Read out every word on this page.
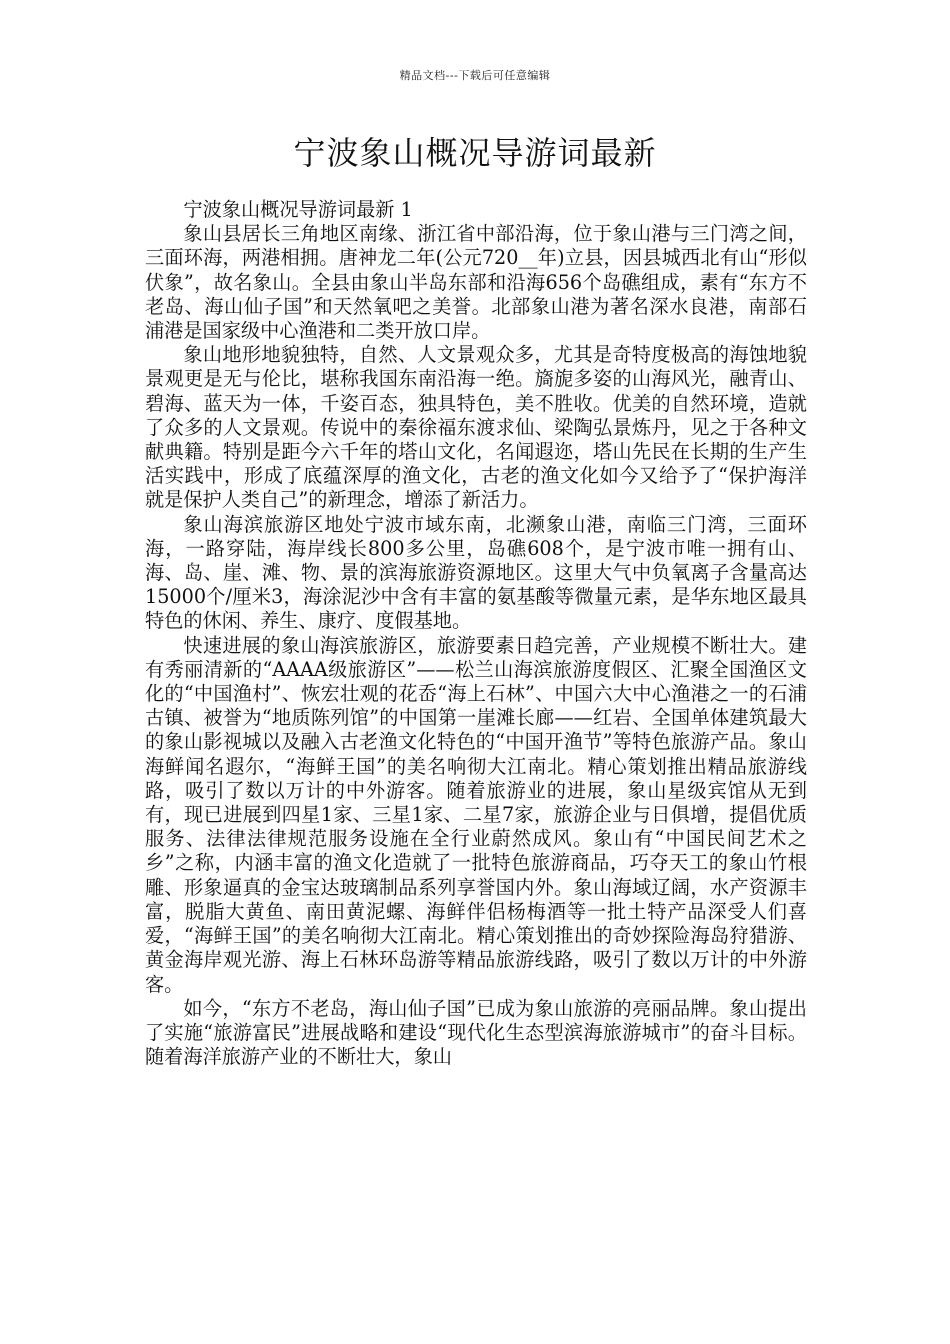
精品文档---下载后可任意编辑
宁波象山概况导游词最新

宁波象山概况导游词最新 1

象山县居长三角地区南缘、浙江省中部沿海，位于象山港与三门湾之间，三面环海，两港相拥。唐神龙二年(公元720__年)立县，因县城西北有山“形似伏象”，故名象山。全县由象山半岛东部和沿海656个岛礁组成，素有“东方不老岛、海山仙子国”和天然氧吧之美誉。北部象山港为著名深水良港，南部石浦港是国家级中心渔港和二类开放口岸。

象山地形地貌独特，自然、人文景观众多，尤其是奇特度极高的海蚀地貌景观更是无与伦比，堪称我国东南沿海一绝。旖旎多姿的山海风光，融青山、碧海、蓝天为一体，千姿百态，独具特色，美不胜收。优美的自然环境，造就了众多的人文景观。传说中的秦徐福东渡求仙、梁陶弘景炼丹，见之于各种文献典籍。特别是距今六千年的塔山文化，名闻遐迩，塔山先民在长期的生产生活实践中，形成了底蕴深厚的渔文化，古老的渔文化如今又给予了“保护海洋就是保护人类自己”的新理念，增添了新活力。

象山海滨旅游区地处宁波市域东南，北濒象山港，南临三门湾，三面环海，一路穿陆，海岸线长800多公里，岛礁608个，是宁波市唯一拥有山、海、岛、崖、滩、物、景的滨海旅游资源地区。这里大气中负氧离子含量高达15000个/厘米3，海涂泥沙中含有丰富的氨基酸等微量元素，是华东地区最具特色的休闲、养生、康疗、度假基地。

快速进展的象山海滨旅游区，旅游要素日趋完善，产业规模不断壮大。建有秀丽清新的“AAAA级旅游区”——松兰山海滨旅游度假区、汇聚全国渔区文化的“中国渔村”、恢宏壮观的花岙“海上石林”、中国六大中心渔港之一的石浦古镇、被誉为“地质陈列馆”的中国第一崖滩长廊——红岩、全国单体建筑最大的象山影视城以及融入古老渔文化特色的“中国开渔节”等特色旅游产品。象山海鲜闻名遐尔，“海鲜王国”的美名响彻大江南北。精心策划推出精品旅游线路，吸引了数以万计的中外游客。随着旅游业的进展，象山星级宾馆从无到有，现已进展到四星1家、三星1家、二星7家，旅游企业与日俱增，提倡优质服务、法律法律规范服务设施在全行业蔚然成风。象山有“中国民间艺术之乡”之称，内涵丰富的渔文化造就了一批特色旅游商品，巧夺天工的象山竹根雕、形象逼真的金宝达玻璃制品系列享誉国内外。象山海域辽阔，水产资源丰富，脱脂大黄鱼、南田黄泥螺、海鲜伴侣杨梅酒等一批土特产品深受人们喜爱，“海鲜王国”的美名响彻大江南北。精心策划推出的奇妙探险海岛狩猎游、黄金海岸观光游、海上石林环岛游等精品旅游线路，吸引了数以万计的中外游客。

如今，“东方不老岛，海山仙子国”已成为象山旅游的亮丽品牌。象山提出了实施“旅游富民”进展战略和建设“现代化生态型滨海旅游城市”的奋斗目标。随着海洋旅游产业的不断壮大，象山
